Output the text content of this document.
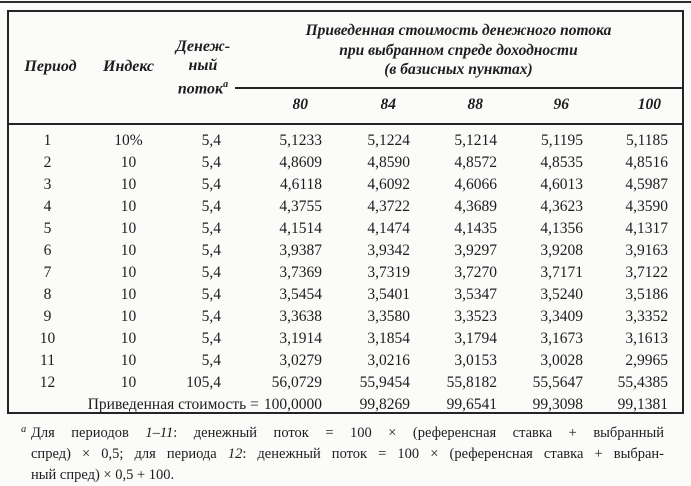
Период	Индекс	
Денеж-
ный
поток$^a$

Приведенная стоимость денежного потока
при выбранном спреде доходности
(в базисных пунктах)

			80	84	88	96	100
1	10%	5,4	5,1233	5,1224	5,1214	5,1195	5,1185
2	10	5,4	4,8609	4,8590	4,8572	4,8535	4,8516
3	10	5,4	4,6118	4,6092	4,6066	4,6013	4,5987
4	10	5,4	4,3755	4,3722	4,3689	4,3623	4,3590
5	10	5,4	4,1514	4,1474	4,1435	4,1356	4,1317
6	10	5,4	3,9387	3,9342	3,9297	3,9208	3,9163
7	10	5,4	3,7369	3,7319	3,7270	3,7171	3,7122
8	10	5,4	3,5454	3,5401	3,5347	3,5240	3,5186
9	10	5,4	3,3638	3,3580	3,3523	3,3409	3,3352
10	10	5,4	3,1914	3,1854	3,1794	3,1673	3,1613
11	10	5,4	3,0279	3,0216	3,0153	3,0028	2,9965
12	10	105,4	56,0729	55,9454	55,8182	55,5647	55,4385
Приведенная стоимость = 100,0000				99,8269	99,6541	99,3098	99,1381
a Для периодов 1–11: денежный поток = 100 × (референсная ставка + выбранный
спред) × 0,5; для периода 12: денежный поток = 100 × (референсная ставка + выбран-
ный спред) × 0,5 + 100.
